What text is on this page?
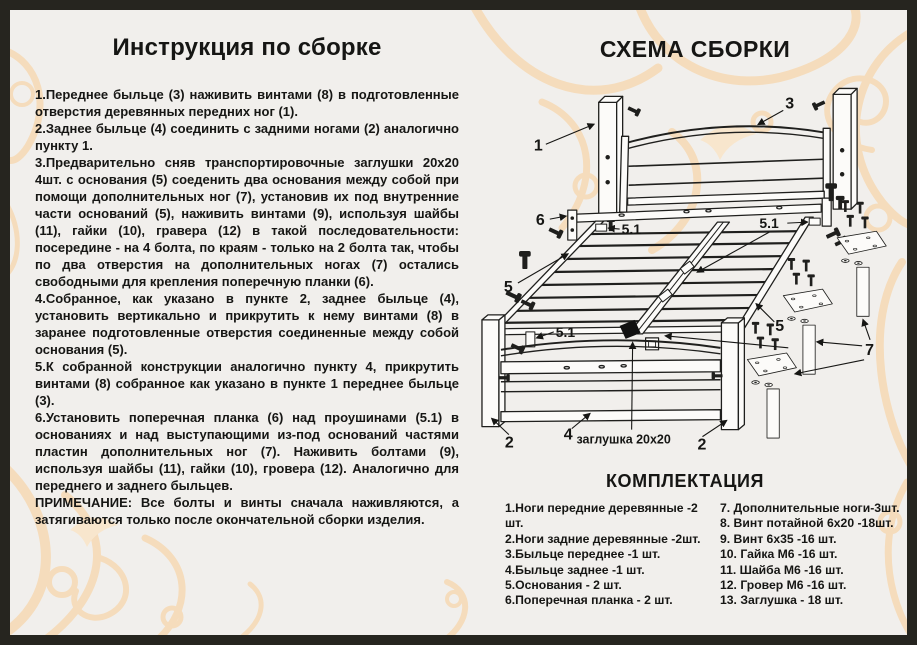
Инструкция по сборке

1.Переднее быльце (3) наживить винтами (8) в подготовленные отверстия деревянных передних ног (1).

2.Заднее быльце (4) соединить с задними ногами (2) аналогично пункту 1.

3.Предварительно сняв транспортировочные заглушки 20х20 4шт. с основания (5) соеденить два основания между собой при помощи дополнительных ног (7), установив их под внутренние части оснований (5), наживить винтами (9), используя шайбы (11), гайки (10), гравера (12) в такой последовательности: посередине - на 4 болта, по краям - только на 2 болта так, чтобы по два отверстия на дополнительных ногах (7) остались свободными для крепления поперечную планки (6).

4.Собранное, как указано в пункте 2, заднее быльце (4), установить вертикально и прикрутить к нему винтами (8) в заранее подготовленные отверстия соединенные между собой основания (5).

5.К собранной конструкции аналогично пункту 4, прикрутить винтами (8) собранное как указано в пункте 1 переднее быльце (3).

6.Установить поперечная планка (6) над проушинами (5.1) в основаниях и над выступающими из-под оснований частями пластин дополнительных ног (7). Наживить болтами (9), используя шайбы (11), гайки (10), гровера (12). Аналогично для переднего и заднего быльцев.

ПРИМЕЧАНИЕ: Все болты и винты сначала наживляются, а затягиваются только после окончательной сборки изделия.

СХЕМА СБОРКИ
1
3
6	5.1	5.1
5.1
5
5
7
2	2
4 заглушка 20x20
КОМПЛЕКТАЦИЯ
1.Ноги передние деревянные -2 шт.
2.Ноги задние деревянные -2шт.
3.Быльце переднее -1 шт.
4.Быльце заднее -1 шт.
5.Основания - 2 шт.
6.Поперечная планка - 2 шт.
7. Дополнительные ноги-3шт.
8. Винт потайной 6х20 -18шт.
9. Винт 6х35 -16 шт.
10. Гайка М6 -16 шт.
11. Шайба М6 -16 шт.
12. Гровер М6 -16 шт.
13. Заглушка - 18 шт.
